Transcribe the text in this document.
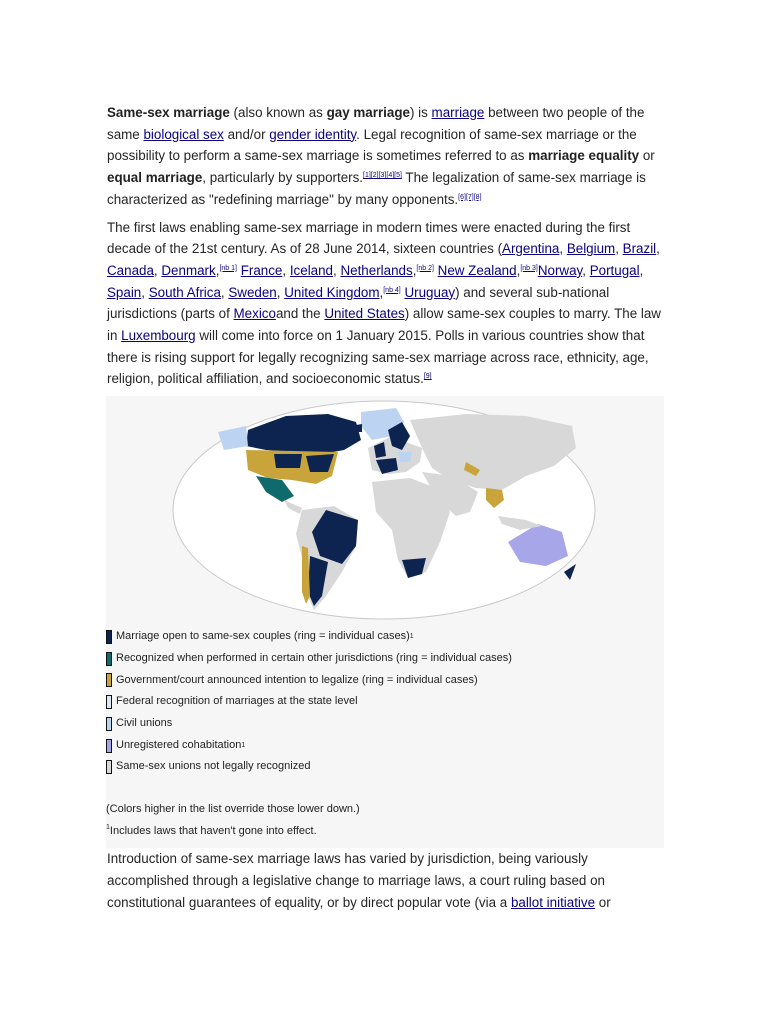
Same-sex marriage (also known as gay marriage) is marriage between two people of the same biological sex and/or gender identity. Legal recognition of same-sex marriage or the possibility to perform a same-sex marriage is sometimes referred to as marriage equality or equal marriage, particularly by supporters.[1][2][3][4][5] The legalization of same-sex marriage is characterized as "redefining marriage" by many opponents.[6][7][8]

The first laws enabling same-sex marriage in modern times were enacted during the first decade of the 21st century. As of 28 June 2014, sixteen countries (Argentina, Belgium, Brazil, Canada, Denmark,[nb 1] France, Iceland, Netherlands,[nb 2] New Zealand,[nb 3]Norway, Portugal, Spain, South Africa, Sweden, United Kingdom,[nb 4] Uruguay) and several sub-national jurisdictions (parts of Mexicoand the United States) allow same-sex couples to marry. The law in Luxembourg will come into force on 1 January 2015. Polls in various countries show that there is rising support for legally recognizing same-sex marriage across race, ethnicity, age, religion, political affiliation, and socioeconomic status.[9]

Marriage open to same-sex couples (ring = individual cases) 1
Recognized when performed in certain other jurisdictions (ring = individual cases)
Government/court announced intention to legalize (ring = individual cases)
Federal recognition of marriages at the state level
Civil unions
Unregistered cohabitation 1
Same-sex unions not legally recognized
(Colors higher in the list override those lower down.)
$^1$Includes laws that haven't gone into effect.

Introduction of same-sex marriage laws has varied by jurisdiction, being variously accomplished through a legislative change to marriage laws, a court ruling based on constitutional guarantees of equality, or by direct popular vote (via a ballot initiative or
